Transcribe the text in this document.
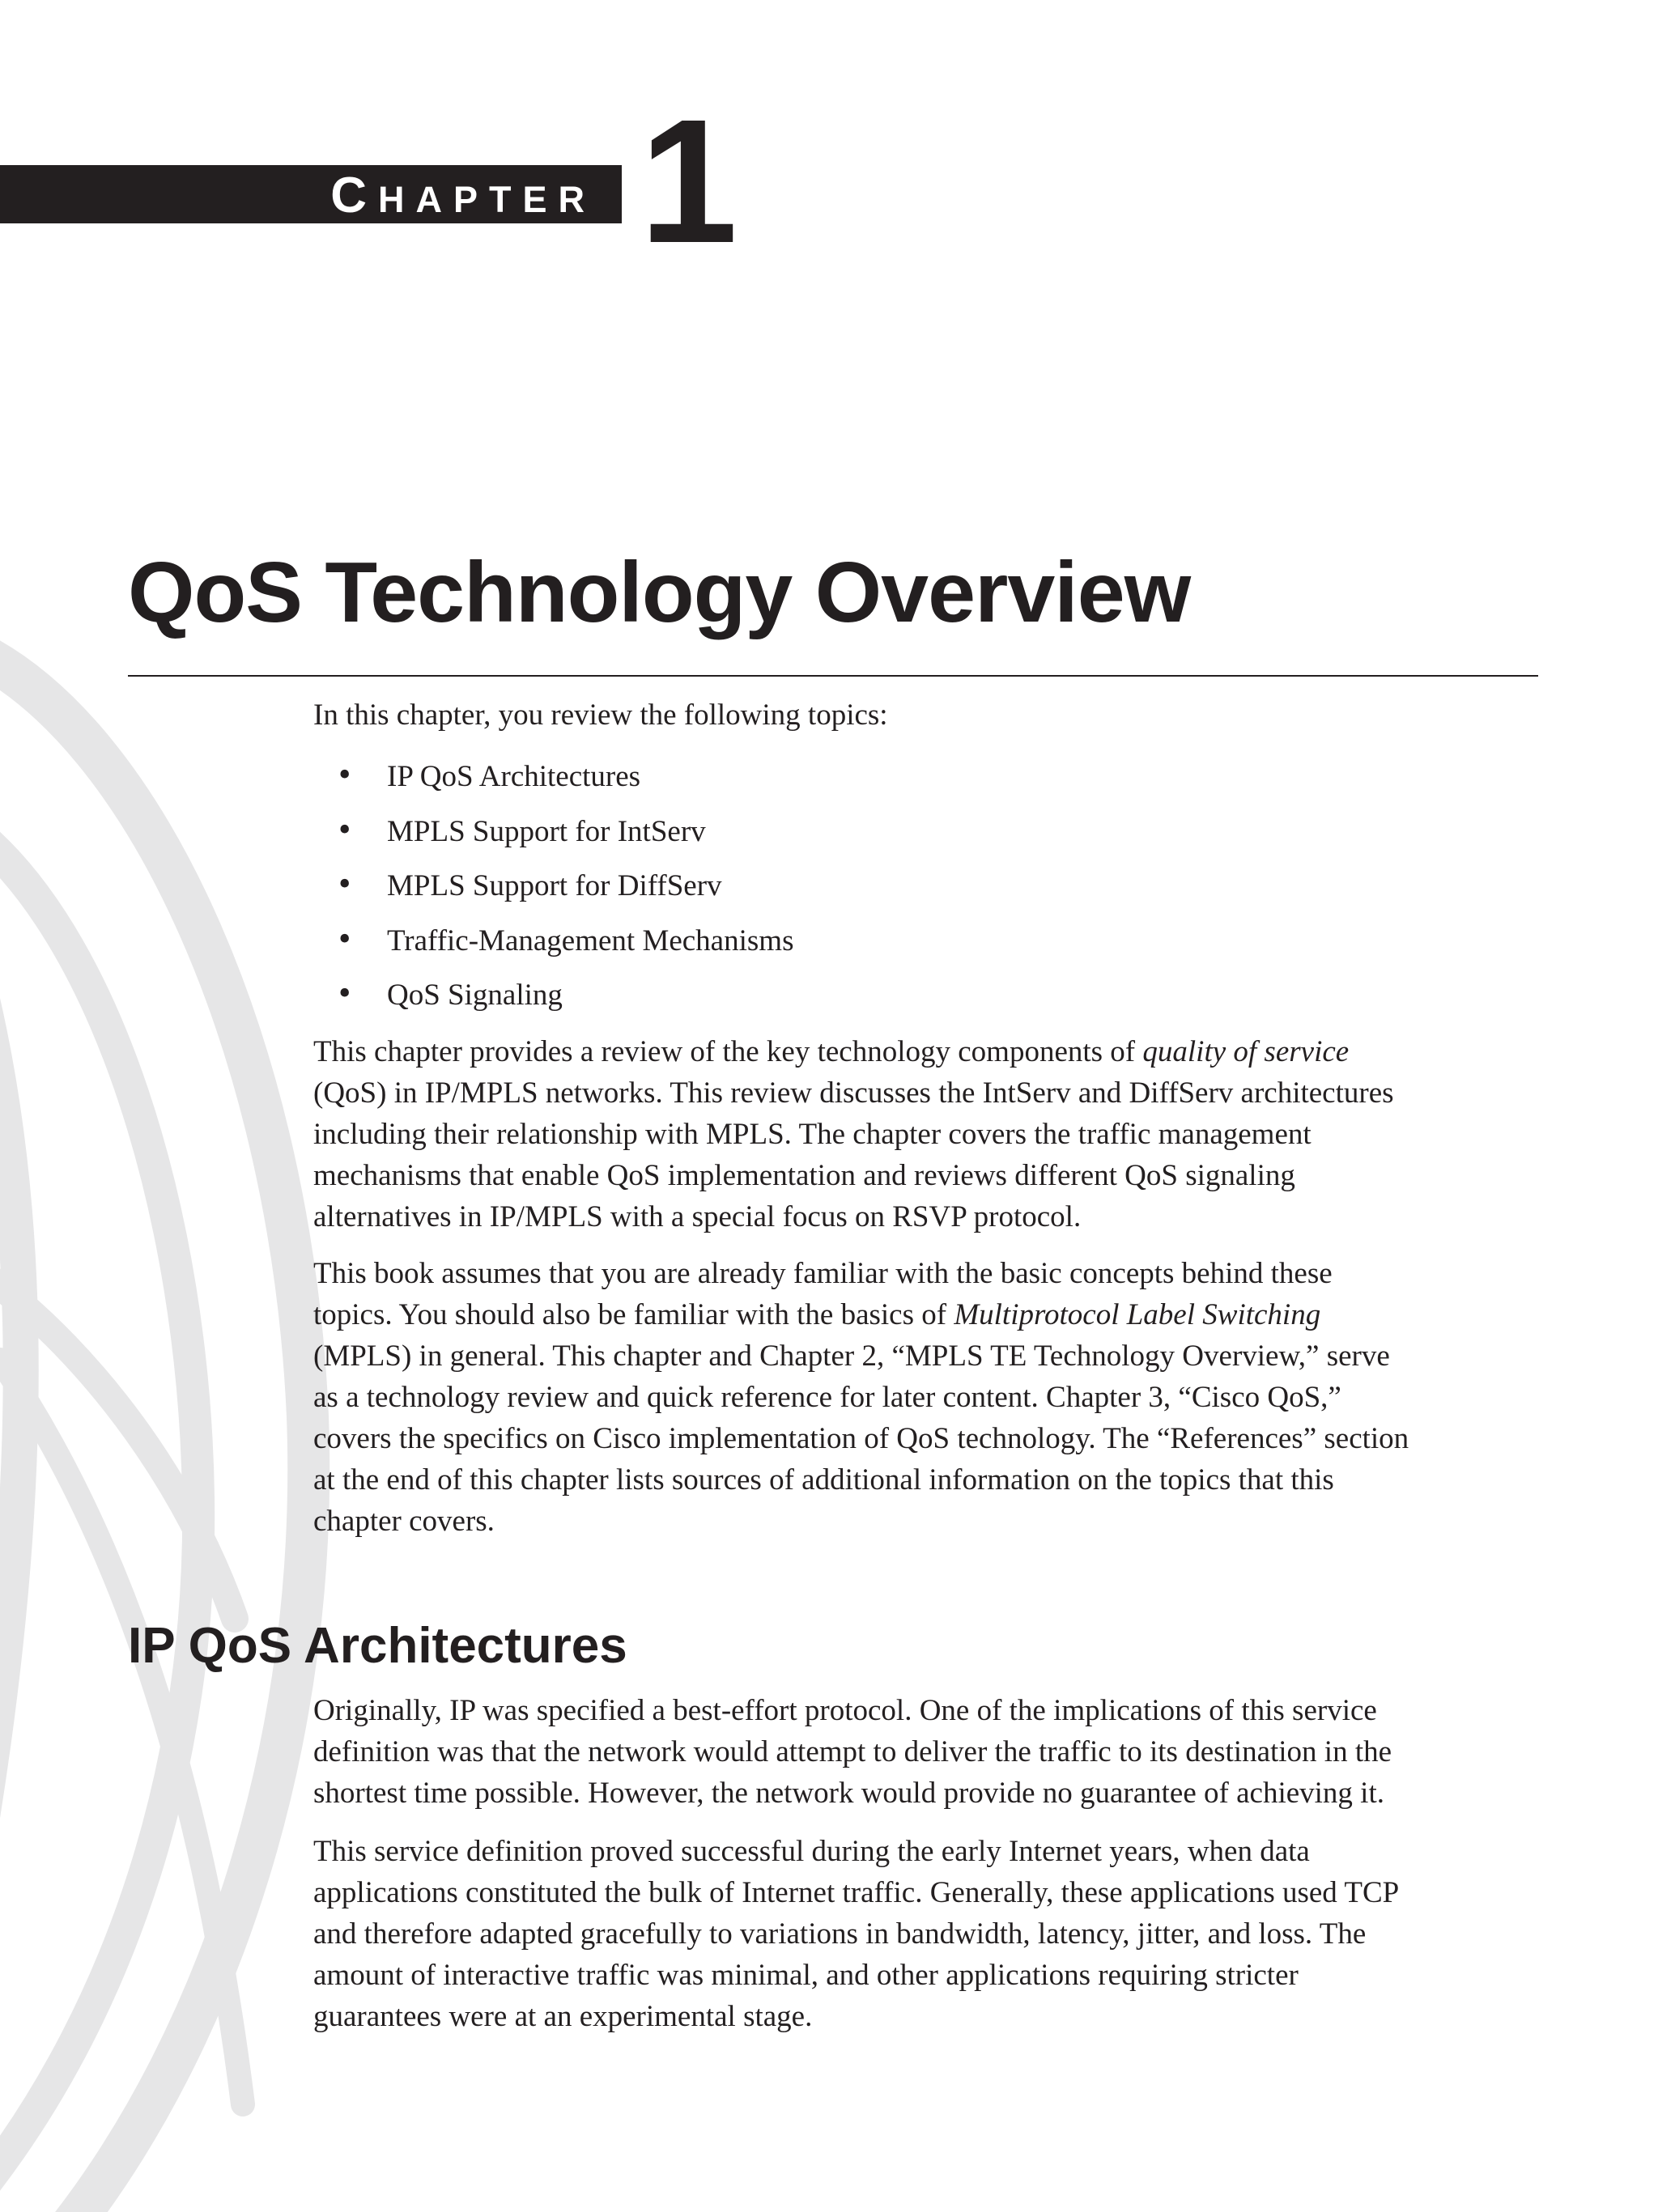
CHAPTER 1
QoS Technology Overview

In this chapter, you review the following topics:

• IP QoS Architectures
• MPLS Support for IntServ
• MPLS Support for DiffServ
• Traffic-Management Mechanisms
• QoS Signaling
This chapter provides a review of the key technology components of quality of service
(QoS) in IP/MPLS networks. This review discusses the IntServ and DiffServ architectures
including their relationship with MPLS. The chapter covers the traffic management
mechanisms that enable QoS implementation and reviews different QoS signaling
alternatives in IP/MPLS with a special focus on RSVP protocol.
This book assumes that you are already familiar with the basic concepts behind these
topics. You should also be familiar with the basics of Multiprotocol Label Switching
(MPLS) in general. This chapter and Chapter 2, “MPLS TE Technology Overview,” serve
as a technology review and quick reference for later content. Chapter 3, “Cisco QoS,”
covers the specifics on Cisco implementation of QoS technology. The “References” section
at the end of this chapter lists sources of additional information on the topics that this
chapter covers.
IP QoS Architectures
Originally, IP was specified a best-effort protocol. One of the implications of this service
definition was that the network would attempt to deliver the traffic to its destination in the
shortest time possible. However, the network would provide no guarantee of achieving it.
This service definition proved successful during the early Internet years, when data
applications constituted the bulk of Internet traffic. Generally, these applications used TCP
and therefore adapted gracefully to variations in bandwidth, latency, jitter, and loss. The
amount of interactive traffic was minimal, and other applications requiring stricter
guarantees were at an experimental stage.
